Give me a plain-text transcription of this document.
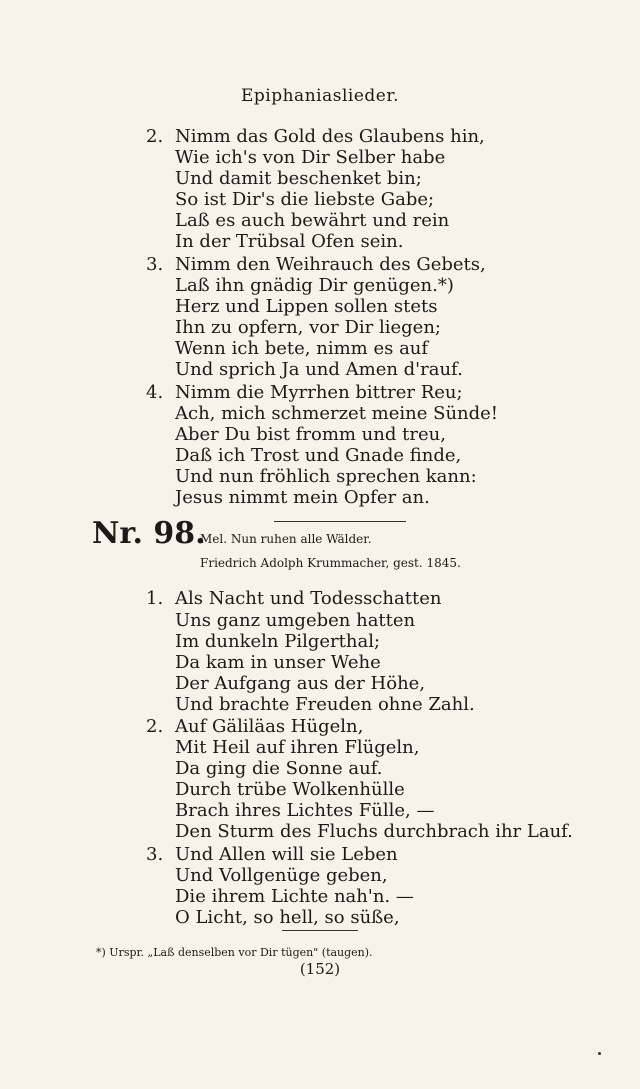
Epiphaniaslieder.
2. Nimm das Gold des Glaubens hin,
Wie ich's von Dir Selber habe
Und damit beschenket bin;
So ist Dir's die liebste Gabe;
Laß es auch bewährt und rein
In der Trübsal Ofen sein.
3. Nimm den Weihrauch des Gebets,
Laß ihn gnädig Dir genügen.*)
Herz und Lippen sollen stets
Ihn zu opfern, vor Dir liegen;
Wenn ich bete, nimm es auf
Und sprich Ja und Amen d'rauf.
4. Nimm die Myrrhen bittrer Reu;
Ach, mich schmerzet meine Sünde!
Aber Du bist fromm und treu,
Daß ich Trost und Gnade finde,
Und nun fröhlich sprechen kann:
Jesus nimmt mein Opfer an.
Nr. 98.
Mel. Nun ruhen alle Wälder.
Friedrich Adolph Krummacher, gest. 1845.
1. Als Nacht und Todesschatten
Uns ganz umgeben hatten
Im dunkeln Pilgerthal;
Da kam in unser Wehe
Der Aufgang aus der Höhe,
Und brachte Freuden ohne Zahl.
2. Auf Gäliläas Hügeln,
Mit Heil auf ihren Flügeln,
Da ging die Sonne auf.
Durch trübe Wolkenhülle
Brach ihres Lichtes Fülle, —
Den Sturm des Fluchs durchbrach ihr Lauf.
3. Und Allen will sie Leben
Und Vollgenüge geben,
Die ihrem Lichte nah'n. —
O Licht, so hell, so süße,
*) Urspr. „Laß denselben vor Dir tügen" (taugen).
(152)
